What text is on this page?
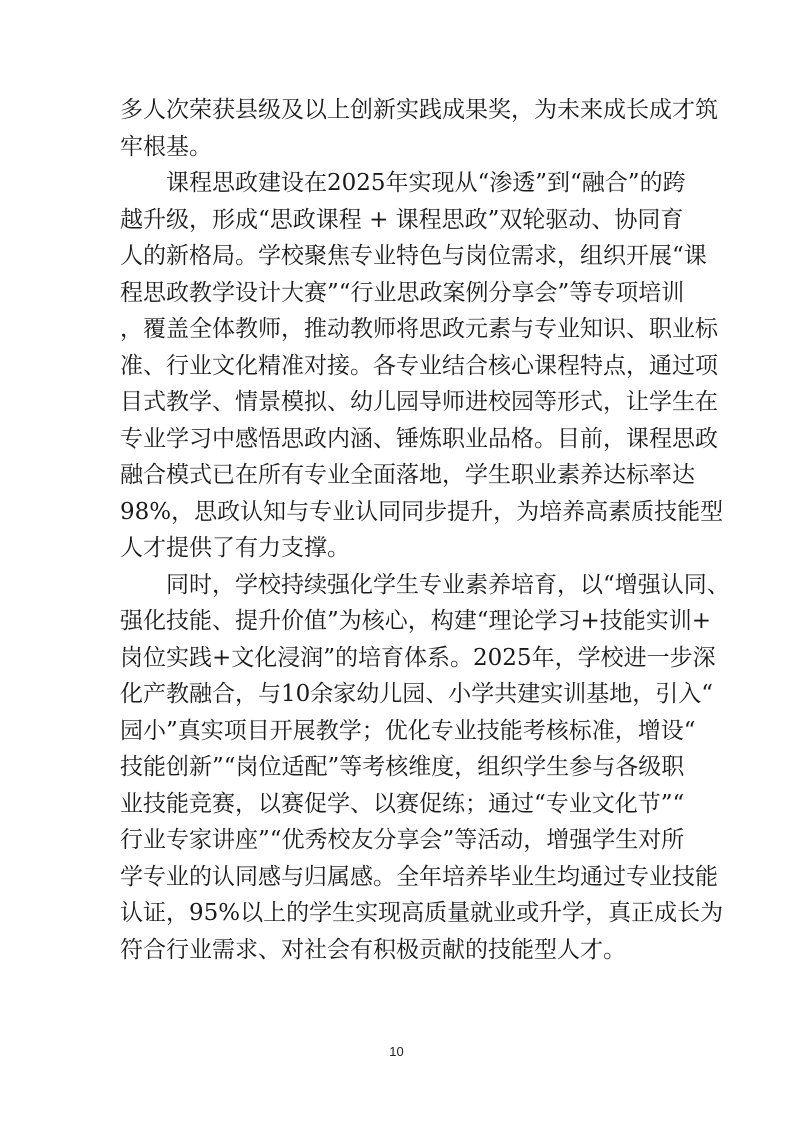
多人次荣获县级及以上创新实践成果奖，为未来成长成才筑
牢根基。
　　课程思政建设在2025年实现从“渗透”到“融合”的跨
越升级，形成“思政课程 + 课程思政”双轮驱动、协同育
人的新格局。学校聚焦专业特色与岗位需求，组织开展“课
程思政教学设计大赛”“行业思政案例分享会”等专项培训
，覆盖全体教师，推动教师将思政元素与专业知识、职业标
准、行业文化精准对接。各专业结合核心课程特点，通过项
目式教学、情景模拟、幼儿园导师进校园等形式，让学生在
专业学习中感悟思政内涵、锤炼职业品格。目前，课程思政
融合模式已在所有专业全面落地，学生职业素养达标率达
98%，思政认知与专业认同同步提升，为培养高素质技能型
人才提供了有力支撑。
　　同时，学校持续强化学生专业素养培育，以“增强认同、
强化技能、提升价值”为核心，构建“理论学习+技能实训+
岗位实践+文化浸润”的培育体系。2025年，学校进一步深
化产教融合，与10余家幼儿园、小学共建实训基地，引入“
园小”真实项目开展教学；优化专业技能考核标准，增设“
技能创新”“岗位适配”等考核维度，组织学生参与各级职
业技能竞赛，以赛促学、以赛促练；通过“专业文化节”“
行业专家讲座”“优秀校友分享会”等活动，增强学生对所
学专业的认同感与归属感。全年培养毕业生均通过专业技能
认证，95%以上的学生实现高质量就业或升学，真正成长为
符合行业需求、对社会有积极贡献的技能型人才。
10
